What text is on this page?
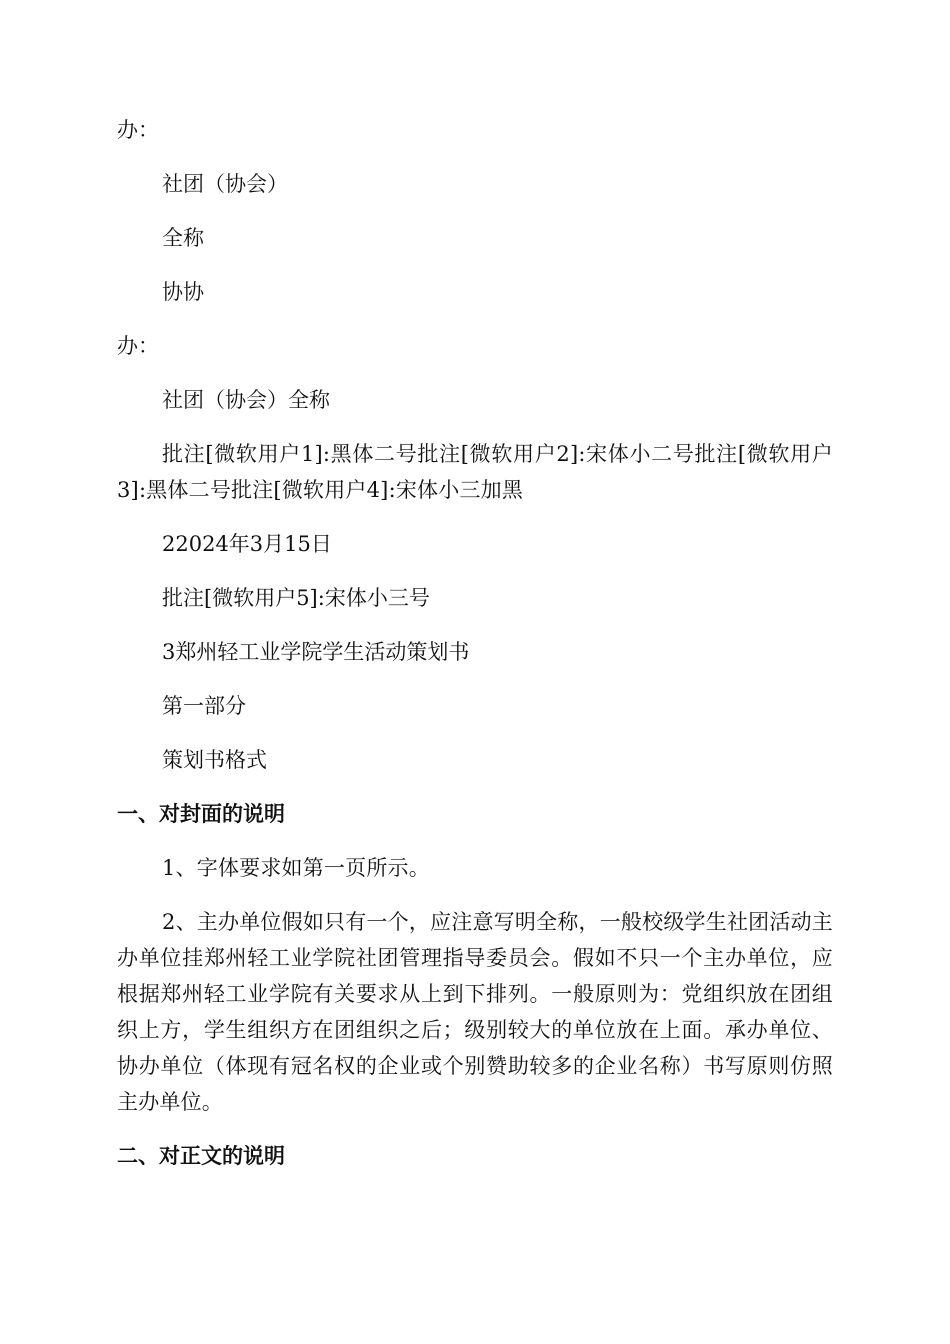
办：

社团（协会）

全称

协协

办：

社团（协会）全称

批注[微软用户1]:黑体二号批注[微软用户2]:宋体小二号批注[微软用户3]:黑体二号批注[微软用户4]:宋体小三加黑

22024年3月15日

批注[微软用户5]:宋体小三号

3郑州轻工业学院学生活动策划书

第一部分

策划书格式

一、对封面的说明

1、字体要求如第一页所示。

2、主办单位假如只有一个，应注意写明全称，一般校级学生社团活动主办单位挂郑州轻工业学院社团管理指导委员会。假如不只一个主办单位，应根据郑州轻工业学院有关要求从上到下排列。一般原则为：党组织放在团组织上方，学生组织方在团组织之后；级别较大的单位放在上面。承办单位、协办单位（体现有冠名权的企业或个别赞助较多的企业名称）书写原则仿照主办单位。

二、对正文的说明
